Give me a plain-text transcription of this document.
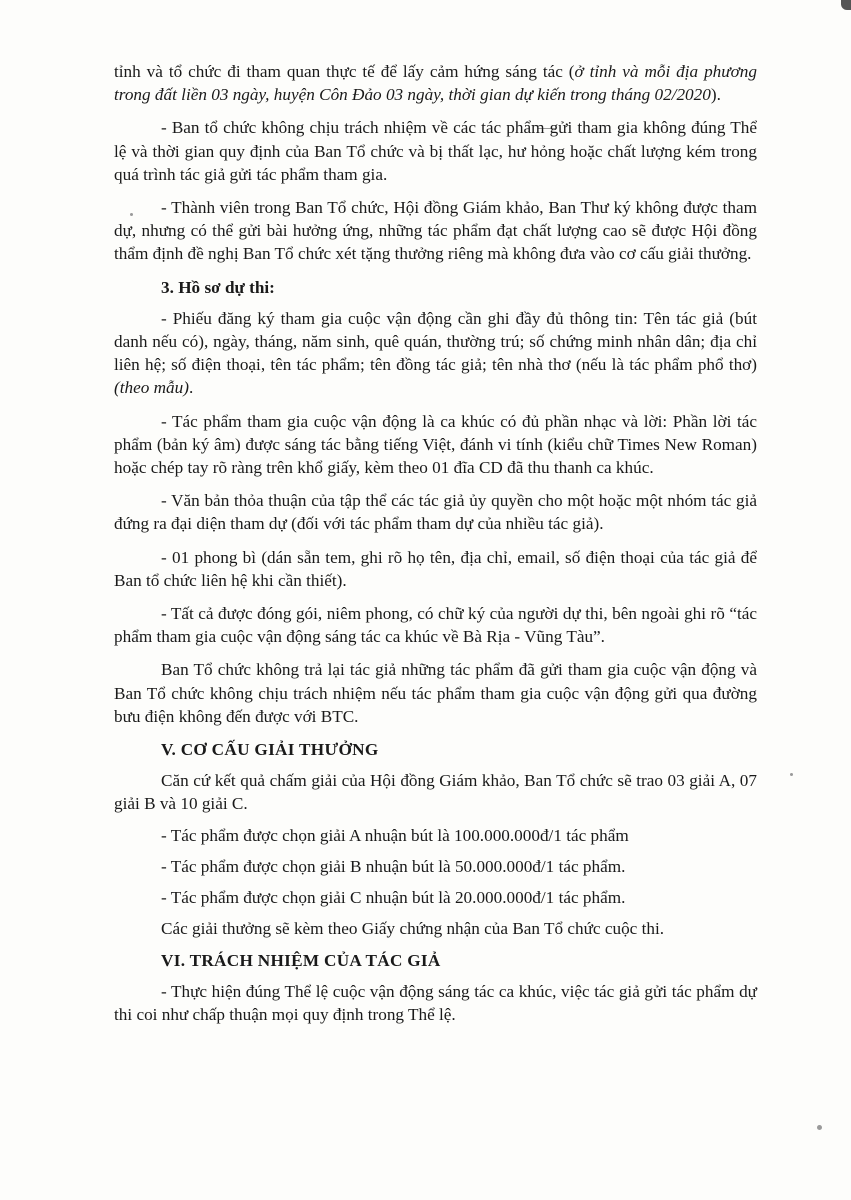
tỉnh và tổ chức đi tham quan thực tế để lấy cảm hứng sáng tác (ở tỉnh và mỗi địa phương trong đất liền 03 ngày, huyện Côn Đảo 03 ngày, thời gian dự kiến trong tháng 02/2020).

- Ban tổ chức không chịu trách nhiệm về các tác phẩm gửi tham gia không đúng Thể lệ và thời gian quy định của Ban Tổ chức và bị thất lạc, hư hỏng hoặc chất lượng kém trong quá trình tác giả gửi tác phẩm tham gia.

- Thành viên trong Ban Tổ chức, Hội đồng Giám khảo, Ban Thư ký không được tham dự, nhưng có thể gửi bài hưởng ứng, những tác phẩm đạt chất lượng cao sẽ được Hội đồng thẩm định đề nghị Ban Tổ chức xét tặng thưởng riêng mà không đưa vào cơ cấu giải thưởng.

3. Hồ sơ dự thi:

- Phiếu đăng ký tham gia cuộc vận động cần ghi đầy đủ thông tin: Tên tác giả (bút danh nếu có), ngày, tháng, năm sinh, quê quán, thường trú; số chứng minh nhân dân; địa chỉ liên hệ; số điện thoại, tên tác phẩm; tên đồng tác giả; tên nhà thơ (nếu là tác phẩm phổ thơ) (theo mẫu).

- Tác phẩm tham gia cuộc vận động là ca khúc có đủ phần nhạc và lời: Phần lời tác phẩm (bản ký âm) được sáng tác bằng tiếng Việt, đánh vi tính (kiểu chữ Times New Roman) hoặc chép tay rõ ràng trên khổ giấy, kèm theo 01 đĩa CD đã thu thanh ca khúc.

- Văn bản thỏa thuận của tập thể các tác giả ủy quyền cho một hoặc một nhóm tác giả đứng ra đại diện tham dự (đối với tác phẩm tham dự của nhiều tác giả).

- 01 phong bì (dán sẵn tem, ghi rõ họ tên, địa chỉ, email, số điện thoại của tác giả để Ban tổ chức liên hệ khi cần thiết).

- Tất cả được đóng gói, niêm phong, có chữ ký của người dự thi, bên ngoài ghi rõ “tác phẩm tham gia cuộc vận động sáng tác ca khúc về Bà Rịa - Vũng Tàu”.

Ban Tổ chức không trả lại tác giả những tác phẩm đã gửi tham gia cuộc vận động và Ban Tổ chức không chịu trách nhiệm nếu tác phẩm tham gia cuộc vận động gửi qua đường bưu điện không đến được với BTC.

V. CƠ CẤU GIẢI THƯỞNG

Căn cứ kết quả chấm giải của Hội đồng Giám khảo, Ban Tổ chức sẽ trao 03 giải A, 07 giải B và 10 giải C.

- Tác phẩm được chọn giải A nhuận bút là 100.000.000đ/1 tác phẩm

- Tác phẩm được chọn giải B nhuận bút là 50.000.000đ/1 tác phẩm.

- Tác phẩm được chọn giải C nhuận bút là 20.000.000đ/1 tác phẩm.

Các giải thưởng sẽ kèm theo Giấy chứng nhận của Ban Tổ chức cuộc thi.

VI. TRÁCH NHIỆM CỦA TÁC GIẢ

- Thực hiện đúng Thể lệ cuộc vận động sáng tác ca khúc, việc tác giả gửi tác phẩm dự thi coi như chấp thuận mọi quy định trong Thể lệ.
